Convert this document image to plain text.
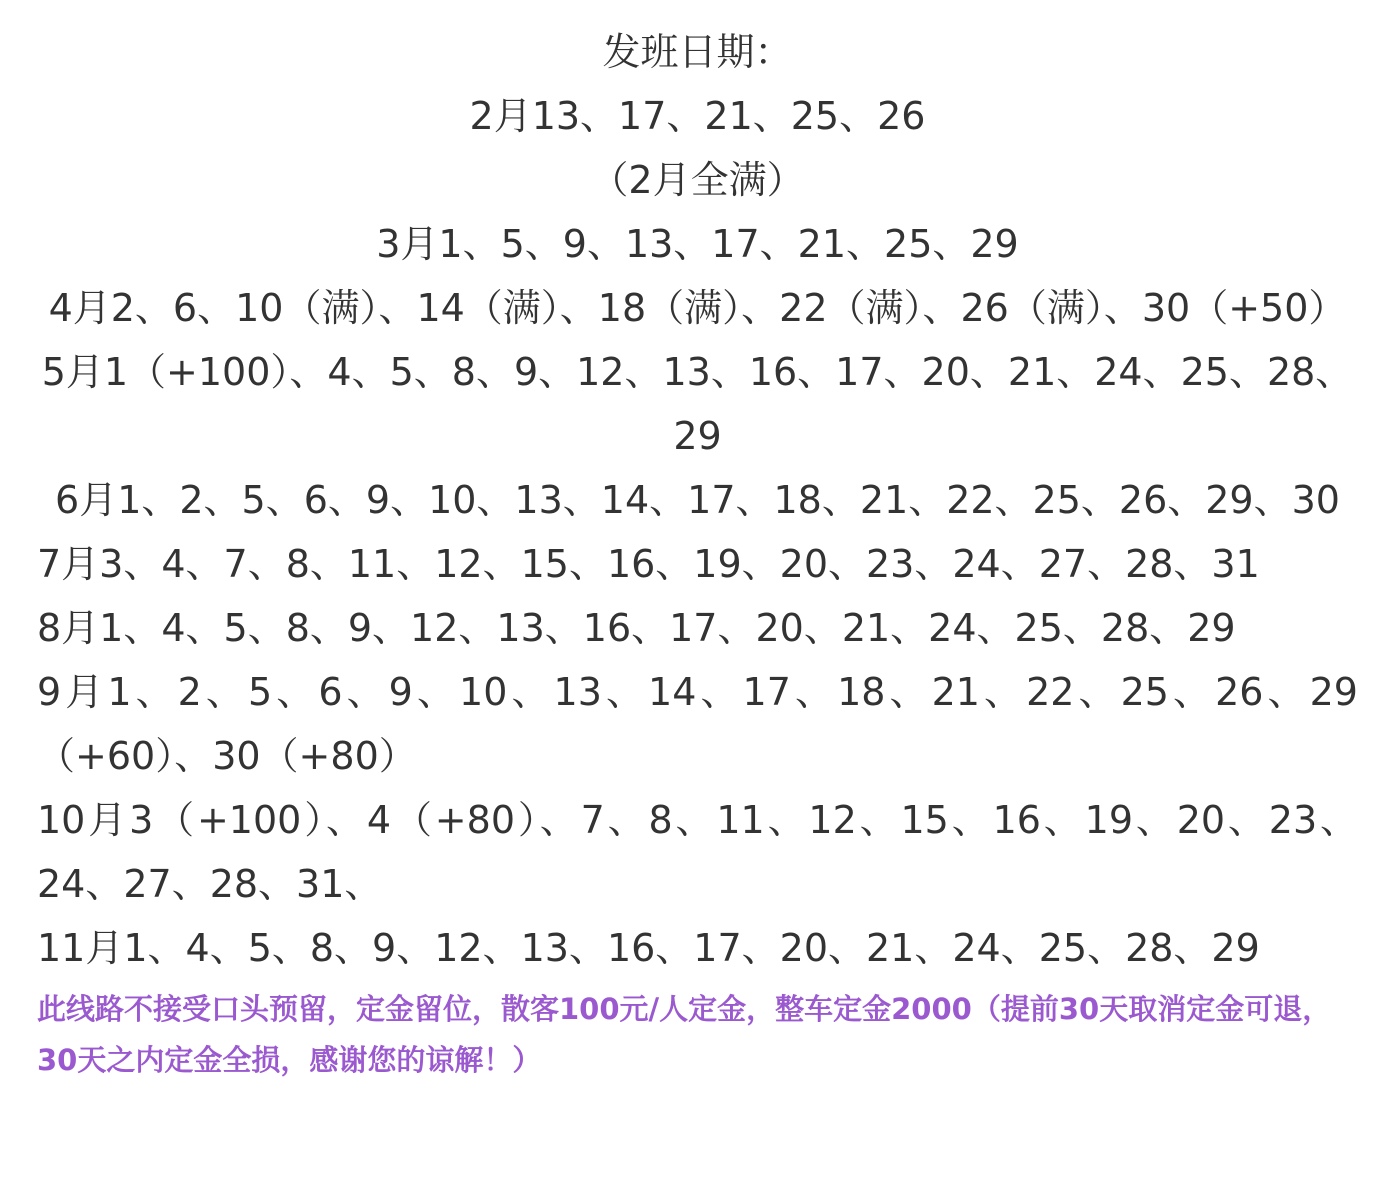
发班日期：
2月13、17、21、25、26
（2月全满）
3月1、5、9、13、17、21、25、29
4月2、6、10（满）、14（满）、18（满）、22（满）、26（满）、30（+50）
5月1（+100）、4、5、8、9、12、13、16、17、20、21、24、25、28、29
6月1、2、5、6、9、10、13、14、17、18、21、22、25、26、29、30
7月3、4、7、8、11、12、15、16、19、20、23、24、27、28、31
8月1、4、5、8、9、12、13、16、17、20、21、24、25、28、29
9月1、2、5、6、9、10、13、14、17、18、21、22、25、26、29（+60）、30（+80）
10月3（+100）、4（+80）、7、8、11、12、15、16、19、20、23、24、27、28、31、
11月1、4、5、8、9、12、13、16、17、20、21、24、25、28、29
此线路不接受口头预留，定金留位，散客100元/人定金，整车定金2000（提前30天取消定金可退，30天之内定金全损，感谢您的谅解！）
